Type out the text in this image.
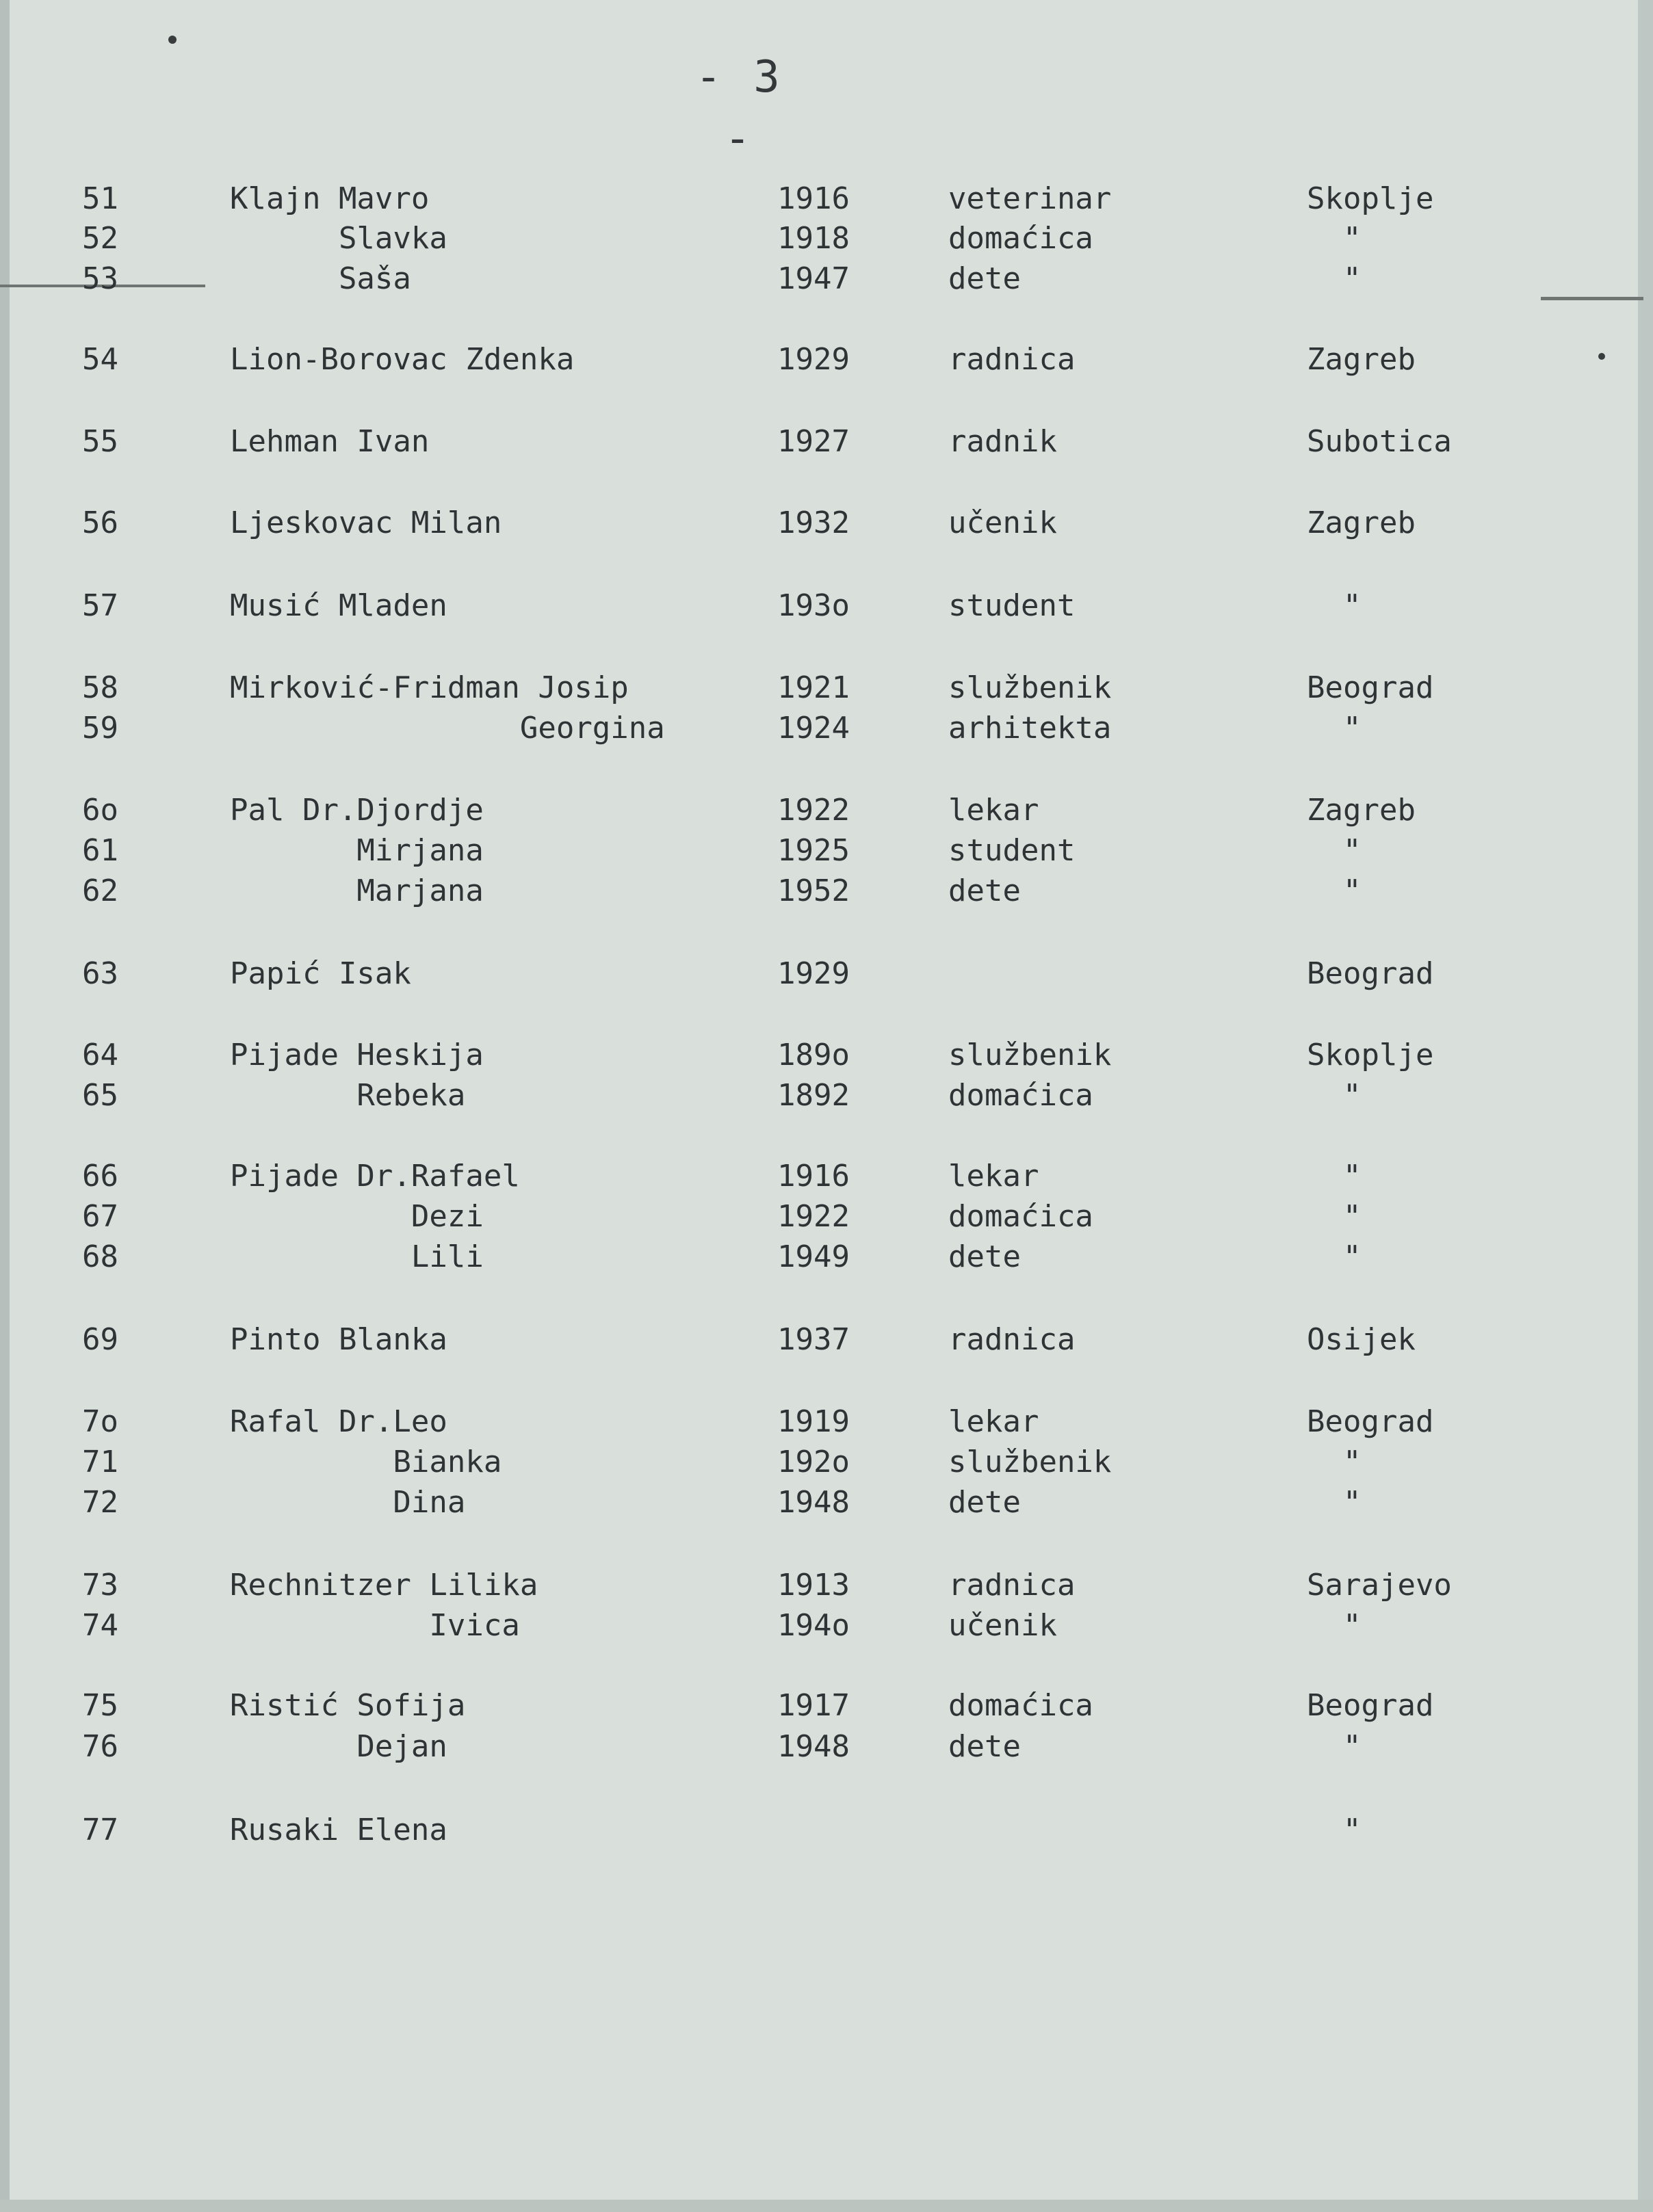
- 3 -
51	Klajn Mavro	1916	veterinar	Skoplje
52	Slavka	1918	domaćica	"
53	Saša	1947	dete	"
54	Lion-Borovac Zdenka	1929	radnica	Zagreb
55	Lehman Ivan	1927	radnik	Subotica
56	Ljeskovac Milan	1932	učenik	Zagreb
57	Musić Mladen	193o	student	"
58	Mirković-Fridman Josip	1921	službenik	Beograd
59	Georgina	1924	arhitekta	"
6o	Pal Dr.Djordje	1922	lekar	Zagreb
61	Mirjana	1925	student	"
62	Marjana	1952	dete	"
63	Papić Isak	1929	Beograd
64	Pijade Heskija	189o	službenik	Skoplje
65	Rebeka	1892	domaćica	"
66	Pijade Dr.Rafael	1916	lekar	"
67	Dezi	1922	domaćica	"
68	Lili	1949	dete	"
69	Pinto Blanka	1937	radnica	Osijek
7o	Rafal Dr.Leo	1919	lekar	Beograd
71	Bianka	192o	službenik	"
72	Dina	1948	dete	"
73	Rechnitzer Lilika	1913	radnica	Sarajevo
74	Ivica	194o	učenik	"
75	Ristić Sofija	1917	domaćica	Beograd
76	Dejan	1948	dete	"
77	Rusaki Elena	"
